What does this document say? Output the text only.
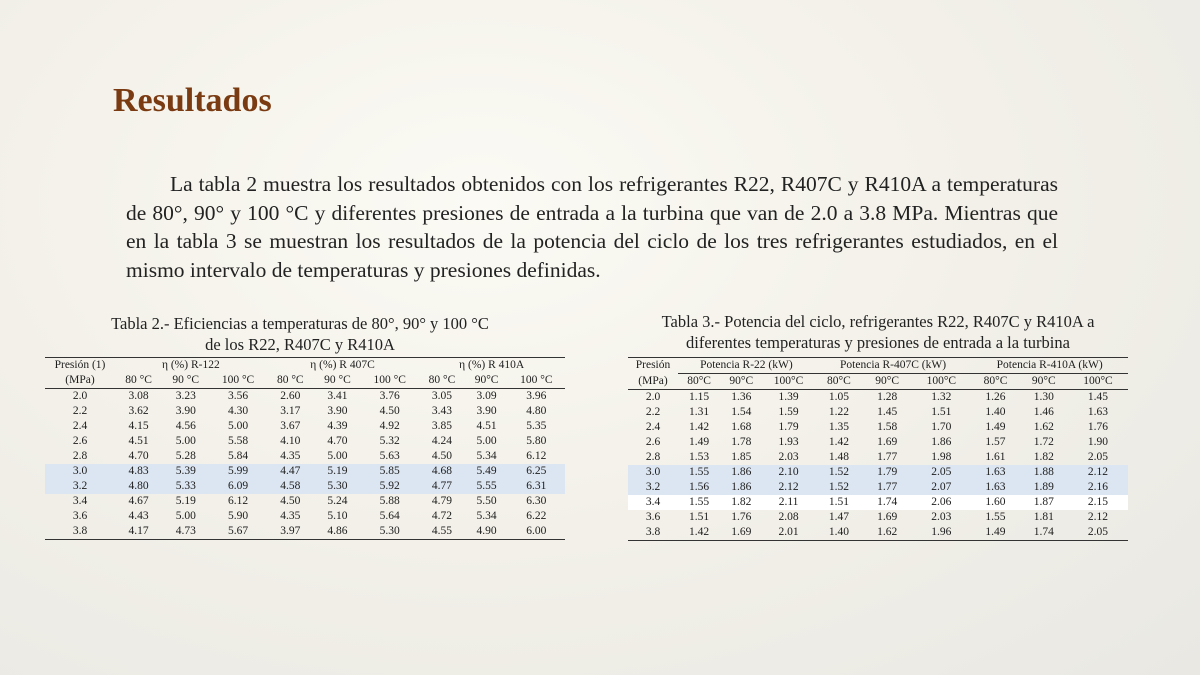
Resultados

La tabla 2 muestra los resultados obtenidos con los refrigerantes R22, R407C y R410A a temperaturas de 80°, 90° y 100 °C y diferentes presiones de entrada a la turbina que van de 2.0 a 3.8 MPa. Mientras que en la tabla 3 se muestran los resultados de la potencia del ciclo de los tres refrigerantes estudiados, en el mismo intervalo de temperaturas y presiones definidas.

Tabla 2.- Eficiencias a temperaturas de 80°, 90° y 100 °C
de los R22, R407C y R410A
Presión (1)	η (%) R-122			η (%) R 407C			η (%) R 410A		
(MPa)	80 °C	90 °C	100 °C	80 °C	90 °C	100 °C	80 °C	90°C	100 °C
2.0	3.08	3.23	3.56	2.60	3.41	3.76	3.05	3.09	3.96
2.2	3.62	3.90	4.30	3.17	3.90	4.50	3.43	3.90	4.80
2.4	4.15	4.56	5.00	3.67	4.39	4.92	3.85	4.51	5.35
2.6	4.51	5.00	5.58	4.10	4.70	5.32	4.24	5.00	5.80
2.8	4.70	5.28	5.84	4.35	5.00	5.63	4.50	5.34	6.12
3.0	4.83	5.39	5.99	4.47	5.19	5.85	4.68	5.49	6.25
3.2	4.80	5.33	6.09	4.58	5.30	5.92	4.77	5.55	6.31
3.4	4.67	5.19	6.12	4.50	5.24	5.88	4.79	5.50	6.30
3.6	4.43	5.00	5.90	4.35	5.10	5.64	4.72	5.34	6.22
3.8	4.17	4.73	5.67	3.97	4.86	5.30	4.55	4.90	6.00
Tabla 3.- Potencia del ciclo, refrigerantes R22, R407C y R410A a
diferentes temperaturas y presiones de entrada a la turbina
Presión	Potencia R-22 (kW)			Potencia R-407C (kW)			Potencia R-410A (kW)		
(MPa)	80°C	90°C	100°C	80°C	90°C	100°C	80°C	90°C	100°C
2.0	1.15	1.36	1.39	1.05	1.28	1.32	1.26	1.30	1.45
2.2	1.31	1.54	1.59	1.22	1.45	1.51	1.40	1.46	1.63
2.4	1.42	1.68	1.79	1.35	1.58	1.70	1.49	1.62	1.76
2.6	1.49	1.78	1.93	1.42	1.69	1.86	1.57	1.72	1.90
2.8	1.53	1.85	2.03	1.48	1.77	1.98	1.61	1.82	2.05
3.0	1.55	1.86	2.10	1.52	1.79	2.05	1.63	1.88	2.12
3.2	1.56	1.86	2.12	1.52	1.77	2.07	1.63	1.89	2.16
3.4	1.55	1.82	2.11	1.51	1.74	2.06	1.60	1.87	2.15
3.6	1.51	1.76	2.08	1.47	1.69	2.03	1.55	1.81	2.12
3.8	1.42	1.69	2.01	1.40	1.62	1.96	1.49	1.74	2.05
